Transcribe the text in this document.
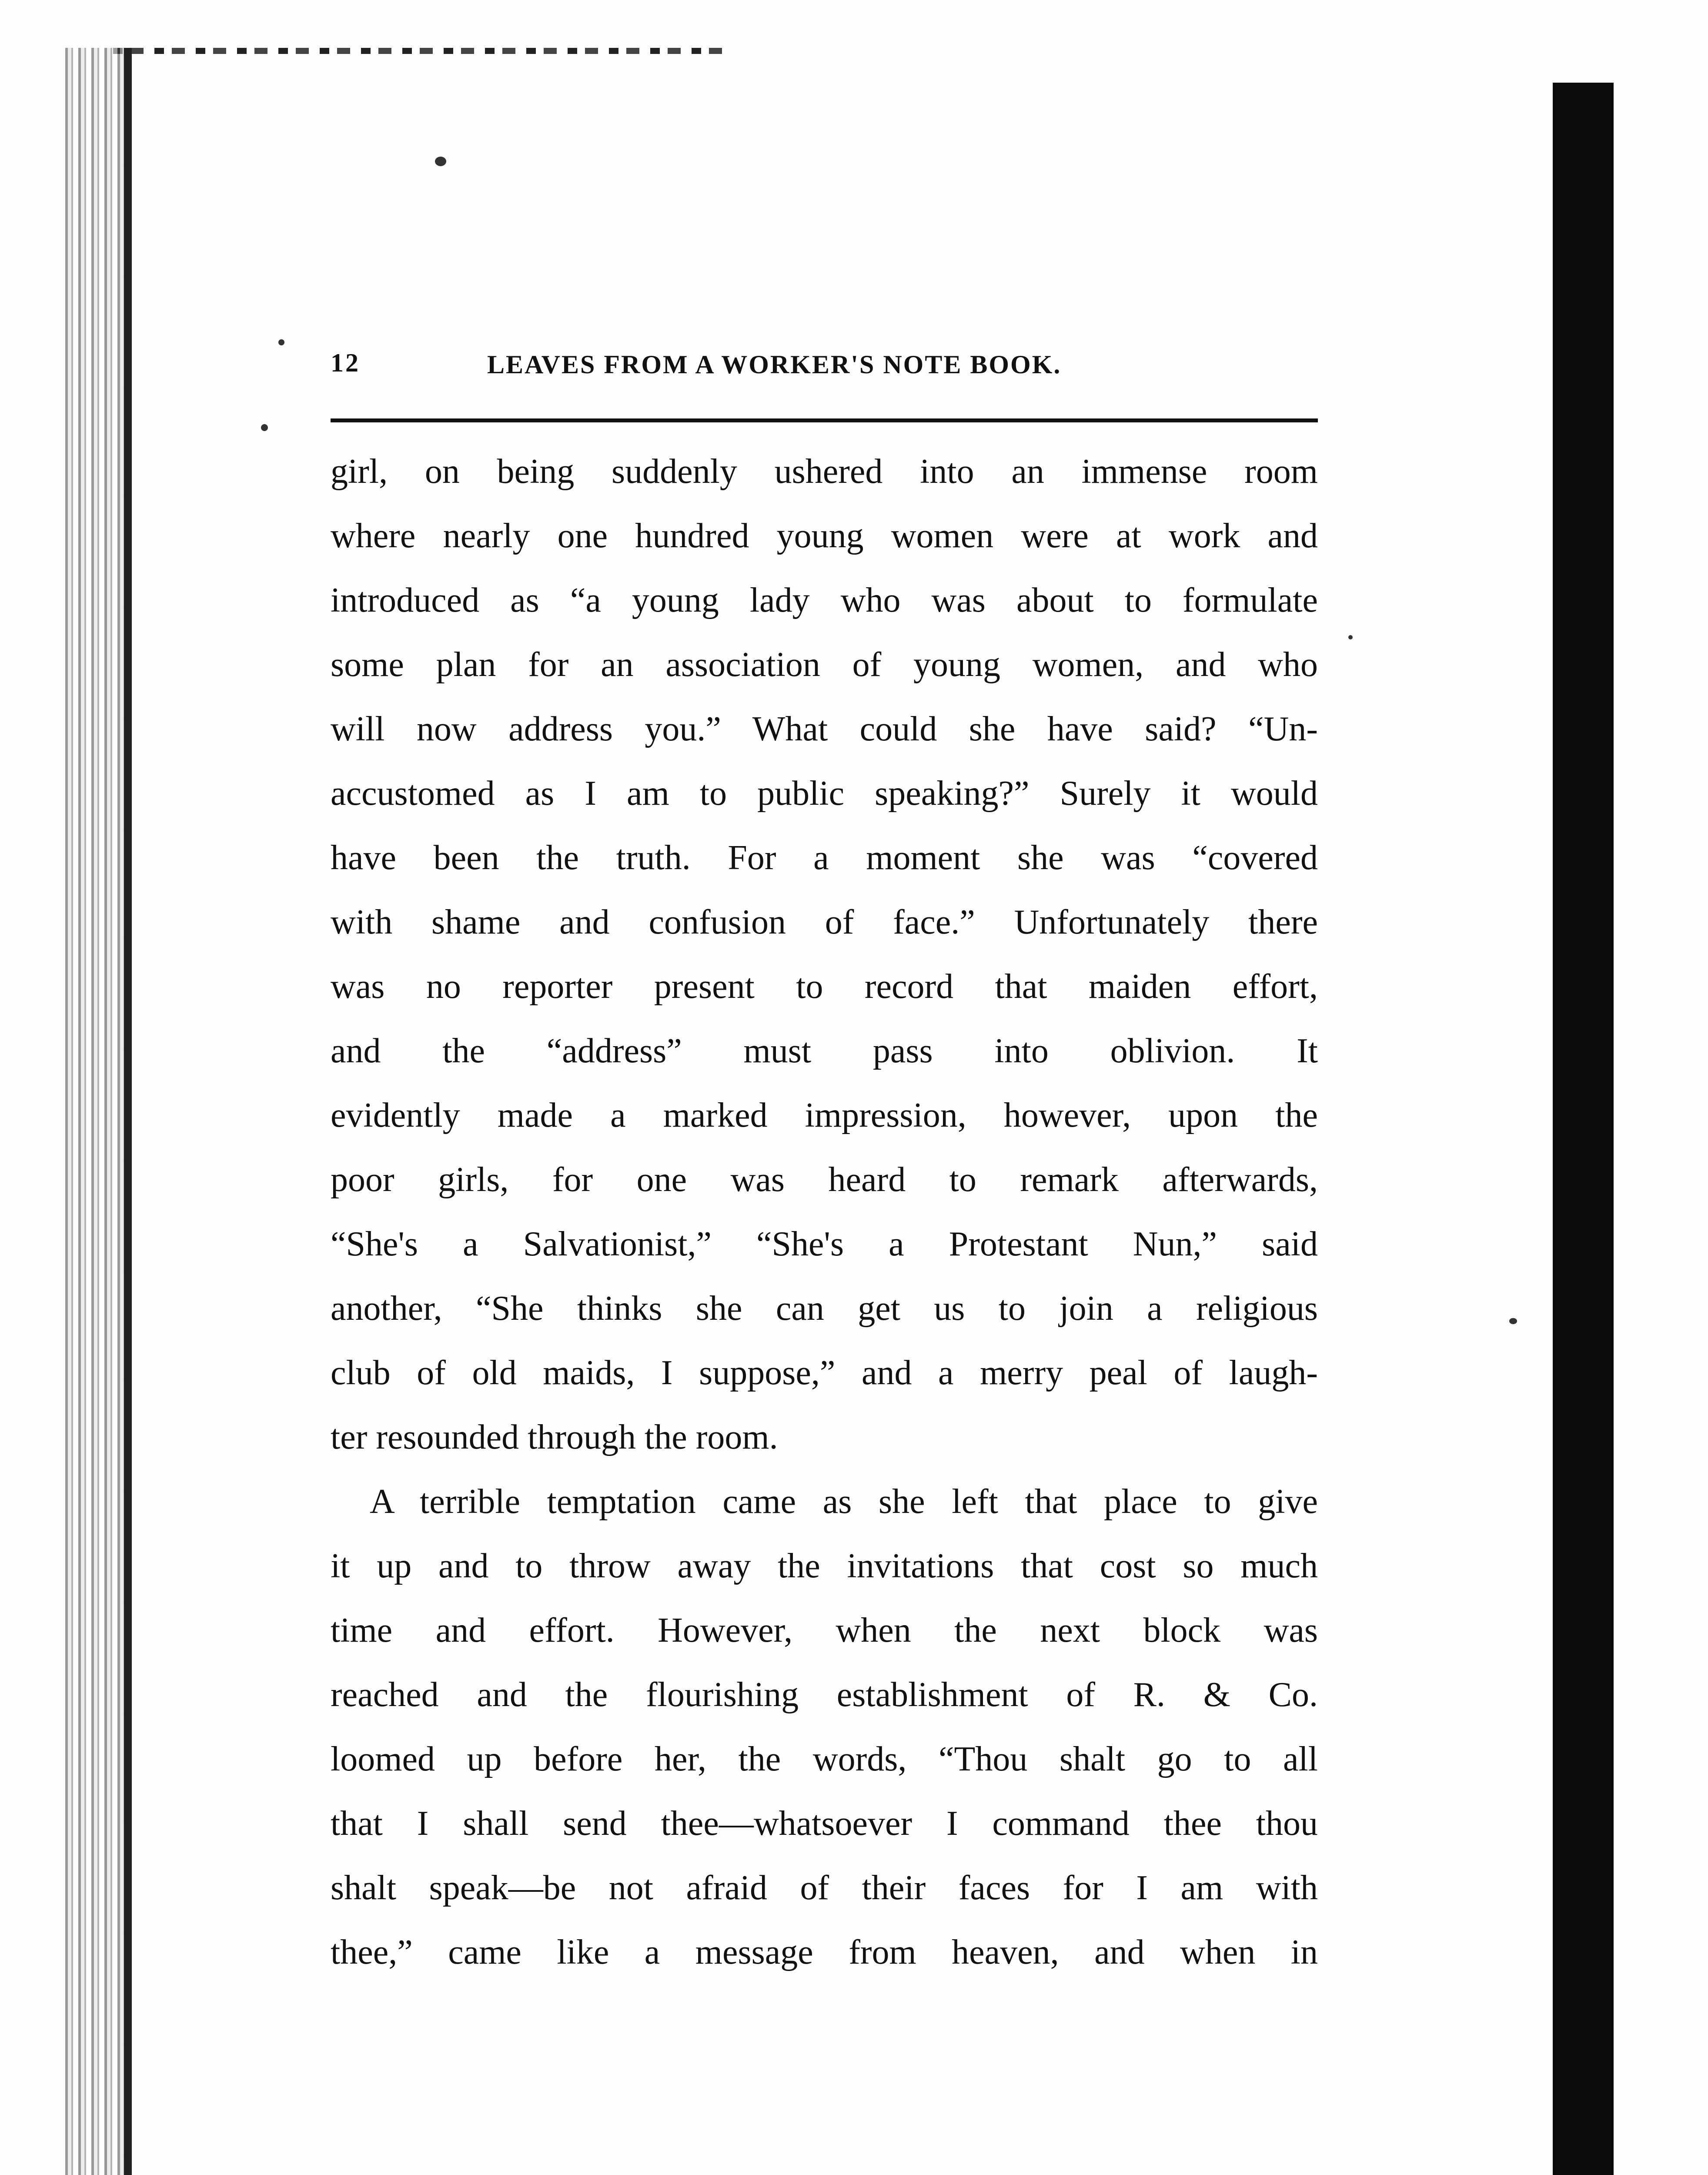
12	LEAVES FROM A WORKER'S NOTE BOOK.
girl, on being suddenly ushered into an immense room
where nearly one hundred young women were at work and
introduced as “a young lady who was about to formulate
some plan for an association of young women, and who
will now address you.” What could she have said? “Un-
accustomed as I am to public speaking?” Surely it would
have been the truth. For a moment she was “covered
with shame and confusion of face.” Unfortunately there
was no reporter present to record that maiden effort,
and the “address” must pass into oblivion. It
evidently made a marked impression, however, upon the
poor girls, for one was heard to remark afterwards,
“She's a Salvationist,” “She's a Protestant Nun,” said
another, “She thinks she can get us to join a religious
club of old maids, I suppose,” and a merry peal of laugh-
ter resounded through the room.
A terrible temptation came as she left that place to give
it up and to throw away the invitations that cost so much
time and effort. However, when the next block was
reached and the flourishing establishment of R. & Co.
loomed up before her, the words, “Thou shalt go to all
that I shall send thee—whatsoever I command thee thou
shalt speak—be not afraid of their faces for I am with
thee,” came like a message from heaven, and when in
